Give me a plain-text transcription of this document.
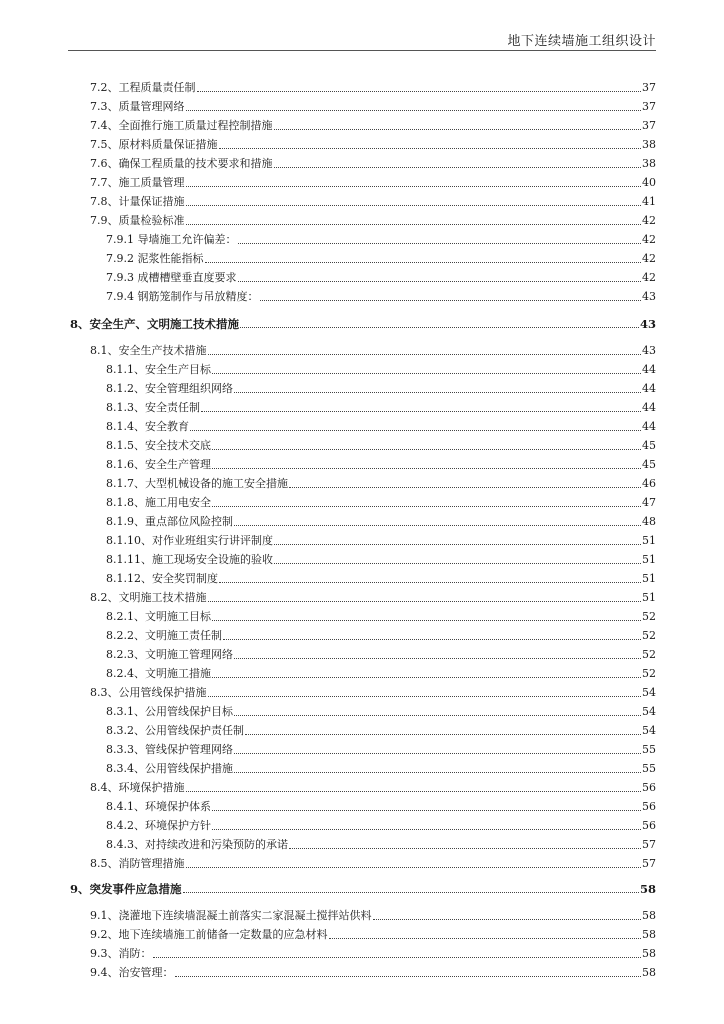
地下连续墙施工组织设计
7.2、工程质量责任制	37
7.3、质量管理网络	37
7.4、全面推行施工质量过程控制措施	37
7.5、原材料质量保证措施	38
7.6、确保工程质量的技术要求和措施	38
7.7、施工质量管理	40
7.8、计量保证措施	41
7.9、质量检验标准	42
7.9.1 导墙施工允许偏差：	42
7.9.2 泥浆性能指标	42
7.9.3 成槽槽壁垂直度要求	42
7.9.4 钢筋笼制作与吊放精度：	43
8、安全生产、文明施工技术措施	43
8.1、安全生产技术措施	43
8.1.1、安全生产目标	44
8.1.2、安全管理组织网络	44
8.1.3、安全责任制	44
8.1.4、安全教育	44
8.1.5、安全技术交底	45
8.1.6、安全生产管理	45
8.1.7、大型机械设备的施工安全措施	46
8.1.8、施工用电安全	47
8.1.9、重点部位风险控制	48
8.1.10、对作业班组实行讲评制度	51
8.1.11、施工现场安全设施的验收	51
8.1.12、安全奖罚制度	51
8.2、文明施工技术措施	51
8.2.1、文明施工目标	52
8.2.2、文明施工责任制	52
8.2.3、文明施工管理网络	52
8.2.4、文明施工措施	52
8.3、公用管线保护措施	54
8.3.1、公用管线保护目标	54
8.3.2、公用管线保护责任制	54
8.3.3、管线保护管理网络	55
8.3.4、公用管线保护措施	55
8.4、环境保护措施	56
8.4.1、环境保护体系	56
8.4.2、环境保护方针	56
8.4.3、对持续改进和污染预防的承诺	57
8.5、消防管理措施	57
9、突发事件应急措施	58
9.1、浇灌地下连续墙混凝土前落实二家混凝土搅拌站供料	58
9.2、地下连续墙施工前储备一定数量的应急材料	58
9.3、消防：	58
9.4、治安管理：	58
